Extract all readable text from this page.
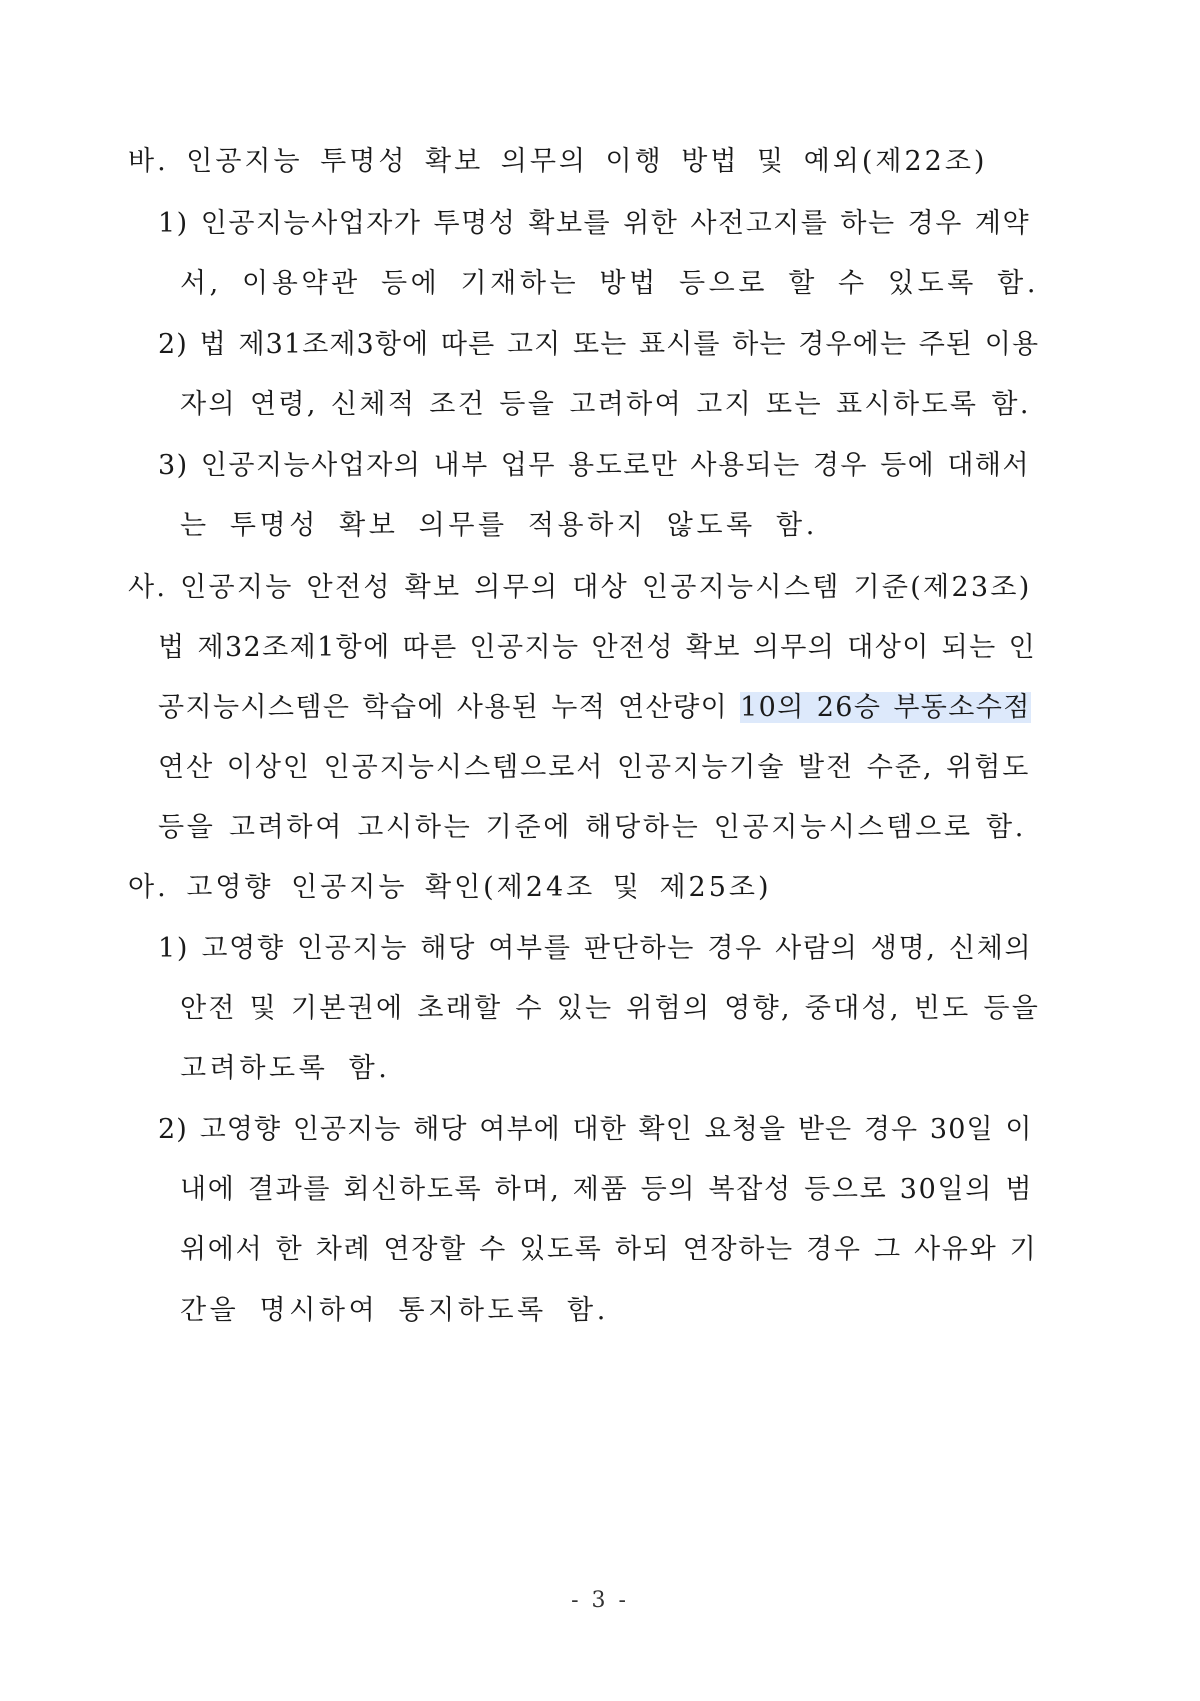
바. 인공지능 투명성 확보 의무의 이행 방법 및 예외(제22조)
1) 인공지능사업자가 투명성 확보를 위한 사전고지를 하는 경우 계약
서, 이용약관 등에 기재하는 방법 등으로 할 수 있도록 함.
2) 법 제31조제3항에 따른 고지 또는 표시를 하는 경우에는 주된 이용
자의 연령, 신체적 조건 등을 고려하여 고지 또는 표시하도록 함.
3) 인공지능사업자의 내부 업무 용도로만 사용되는 경우 등에 대해서
는 투명성 확보 의무를 적용하지 않도록 함.
사. 인공지능 안전성 확보 의무의 대상 인공지능시스템 기준(제23조)
법 제32조제1항에 따른 인공지능 안전성 확보 의무의 대상이 되는 인
공지능시스템은 학습에 사용된 누적 연산량이 10의 26승 부동소수점
연산 이상인 인공지능시스템으로서 인공지능기술 발전 수준, 위험도
등을 고려하여 고시하는 기준에 해당하는 인공지능시스템으로 함.
아. 고영향 인공지능 확인(제24조 및 제25조)
1) 고영향 인공지능 해당 여부를 판단하는 경우 사람의 생명, 신체의
안전 및 기본권에 초래할 수 있는 위험의 영향, 중대성, 빈도 등을
고려하도록 함.
2) 고영향 인공지능 해당 여부에 대한 확인 요청을 받은 경우 30일 이
내에 결과를 회신하도록 하며, 제품 등의 복잡성 등으로 30일의 범
위에서 한 차례 연장할 수 있도록 하되 연장하는 경우 그 사유와 기
간을 명시하여 통지하도록 함.
- 3 -
